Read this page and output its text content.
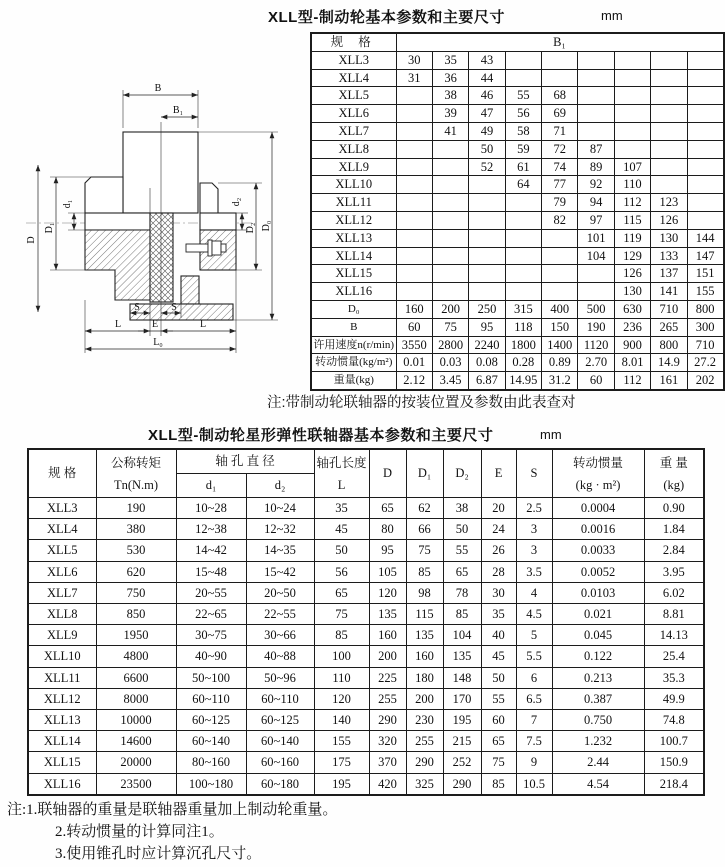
XLL型-制动轮基本参数和主要尺寸	mm
B
B₁
D
D₁
d₁	d₂
D₂ D₀
S	S
L	E	L
L₀
规 格	B₁								
XLL3	30	35	43						
XLL4	31	36	44						
XLL5		38	46	55	68				
XLL6		39	47	56	69				
XLL7		41	49	58	71				
XLL8			50	59	72	87			
XLL9			52	61	74	89	107		
XLL10				64	77	92	110		
XLL11					79	94	112	123	
XLL12					82	97	115	126	
XLL13						101	119	130	144
XLL14						104	129	133	147
XLL15							126	137	151
XLL16							130	141	155
D₀	160	200	250	315	400	500	630	710	800
B	60	75	95	118	150	190	236	265	300
许用速度n(r/min)	3550	2800	2240	1800	1400	1120	900	800	710
转动惯量(kg/m²)	0.01	0.03	0.08	0.28	0.89	2.70	8.01	14.9	27.2
重量(kg)	2.12	3.45	6.87	14.95	31.2	60	112	161	202
注:带制动轮联轴器的按装位置及参数由此表查对
XLL型-制动轮星形弹性联轴器基本参数和主要尺寸	mm
规 格	
公称转矩
Tn(N.m)
	轴 孔 直 径	轴孔长度
L
	D	D₁	D₂	E	S	
转动惯量
(kg · m²)

重 量
(kg)

		d₁	d₂								
XLL3	190	10~28	10~24	35	65	62	38	20	2.5	0.0004	0.90
XLL4	380	12~38	12~32	45	80	66	50	24	3	0.0016	1.84
XLL5	530	14~42	14~35	50	95	75	55	26	3	0.0033	2.84
XLL6	620	15~48	15~42	56	105	85	65	28	3.5	0.0052	3.95
XLL7	750	20~55	20~50	65	120	98	78	30	4	0.0103	6.02
XLL8	850	22~65	22~55	75	135	115	85	35	4.5	0.021	8.81
XLL9	1950	30~75	30~66	85	160	135	104	40	5	0.045	14.13
XLL10	4800	40~90	40~88	100	200	160	135	45	5.5	0.122	25.4
XLL11	6600	50~100	50~96	110	225	180	148	50	6	0.213	35.3
XLL12	8000	60~110	60~110	120	255	200	170	55	6.5	0.387	49.9
XLL13	10000	60~125	60~125	140	290	230	195	60	7	0.750	74.8
XLL14	14600	60~140	60~140	155	320	255	215	65	7.5	1.232	100.7
XLL15	20000	80~160	60~160	175	370	290	252	75	9	2.44	150.9
XLL16	23500	100~180	60~180	195	420	325	290	85	10.5	4.54	218.4
注:1.联轴器的重量是联轴器重量加上制动轮重量。
2.转动惯量的计算同注1。
3.使用锥孔时应计算沉孔尺寸。
